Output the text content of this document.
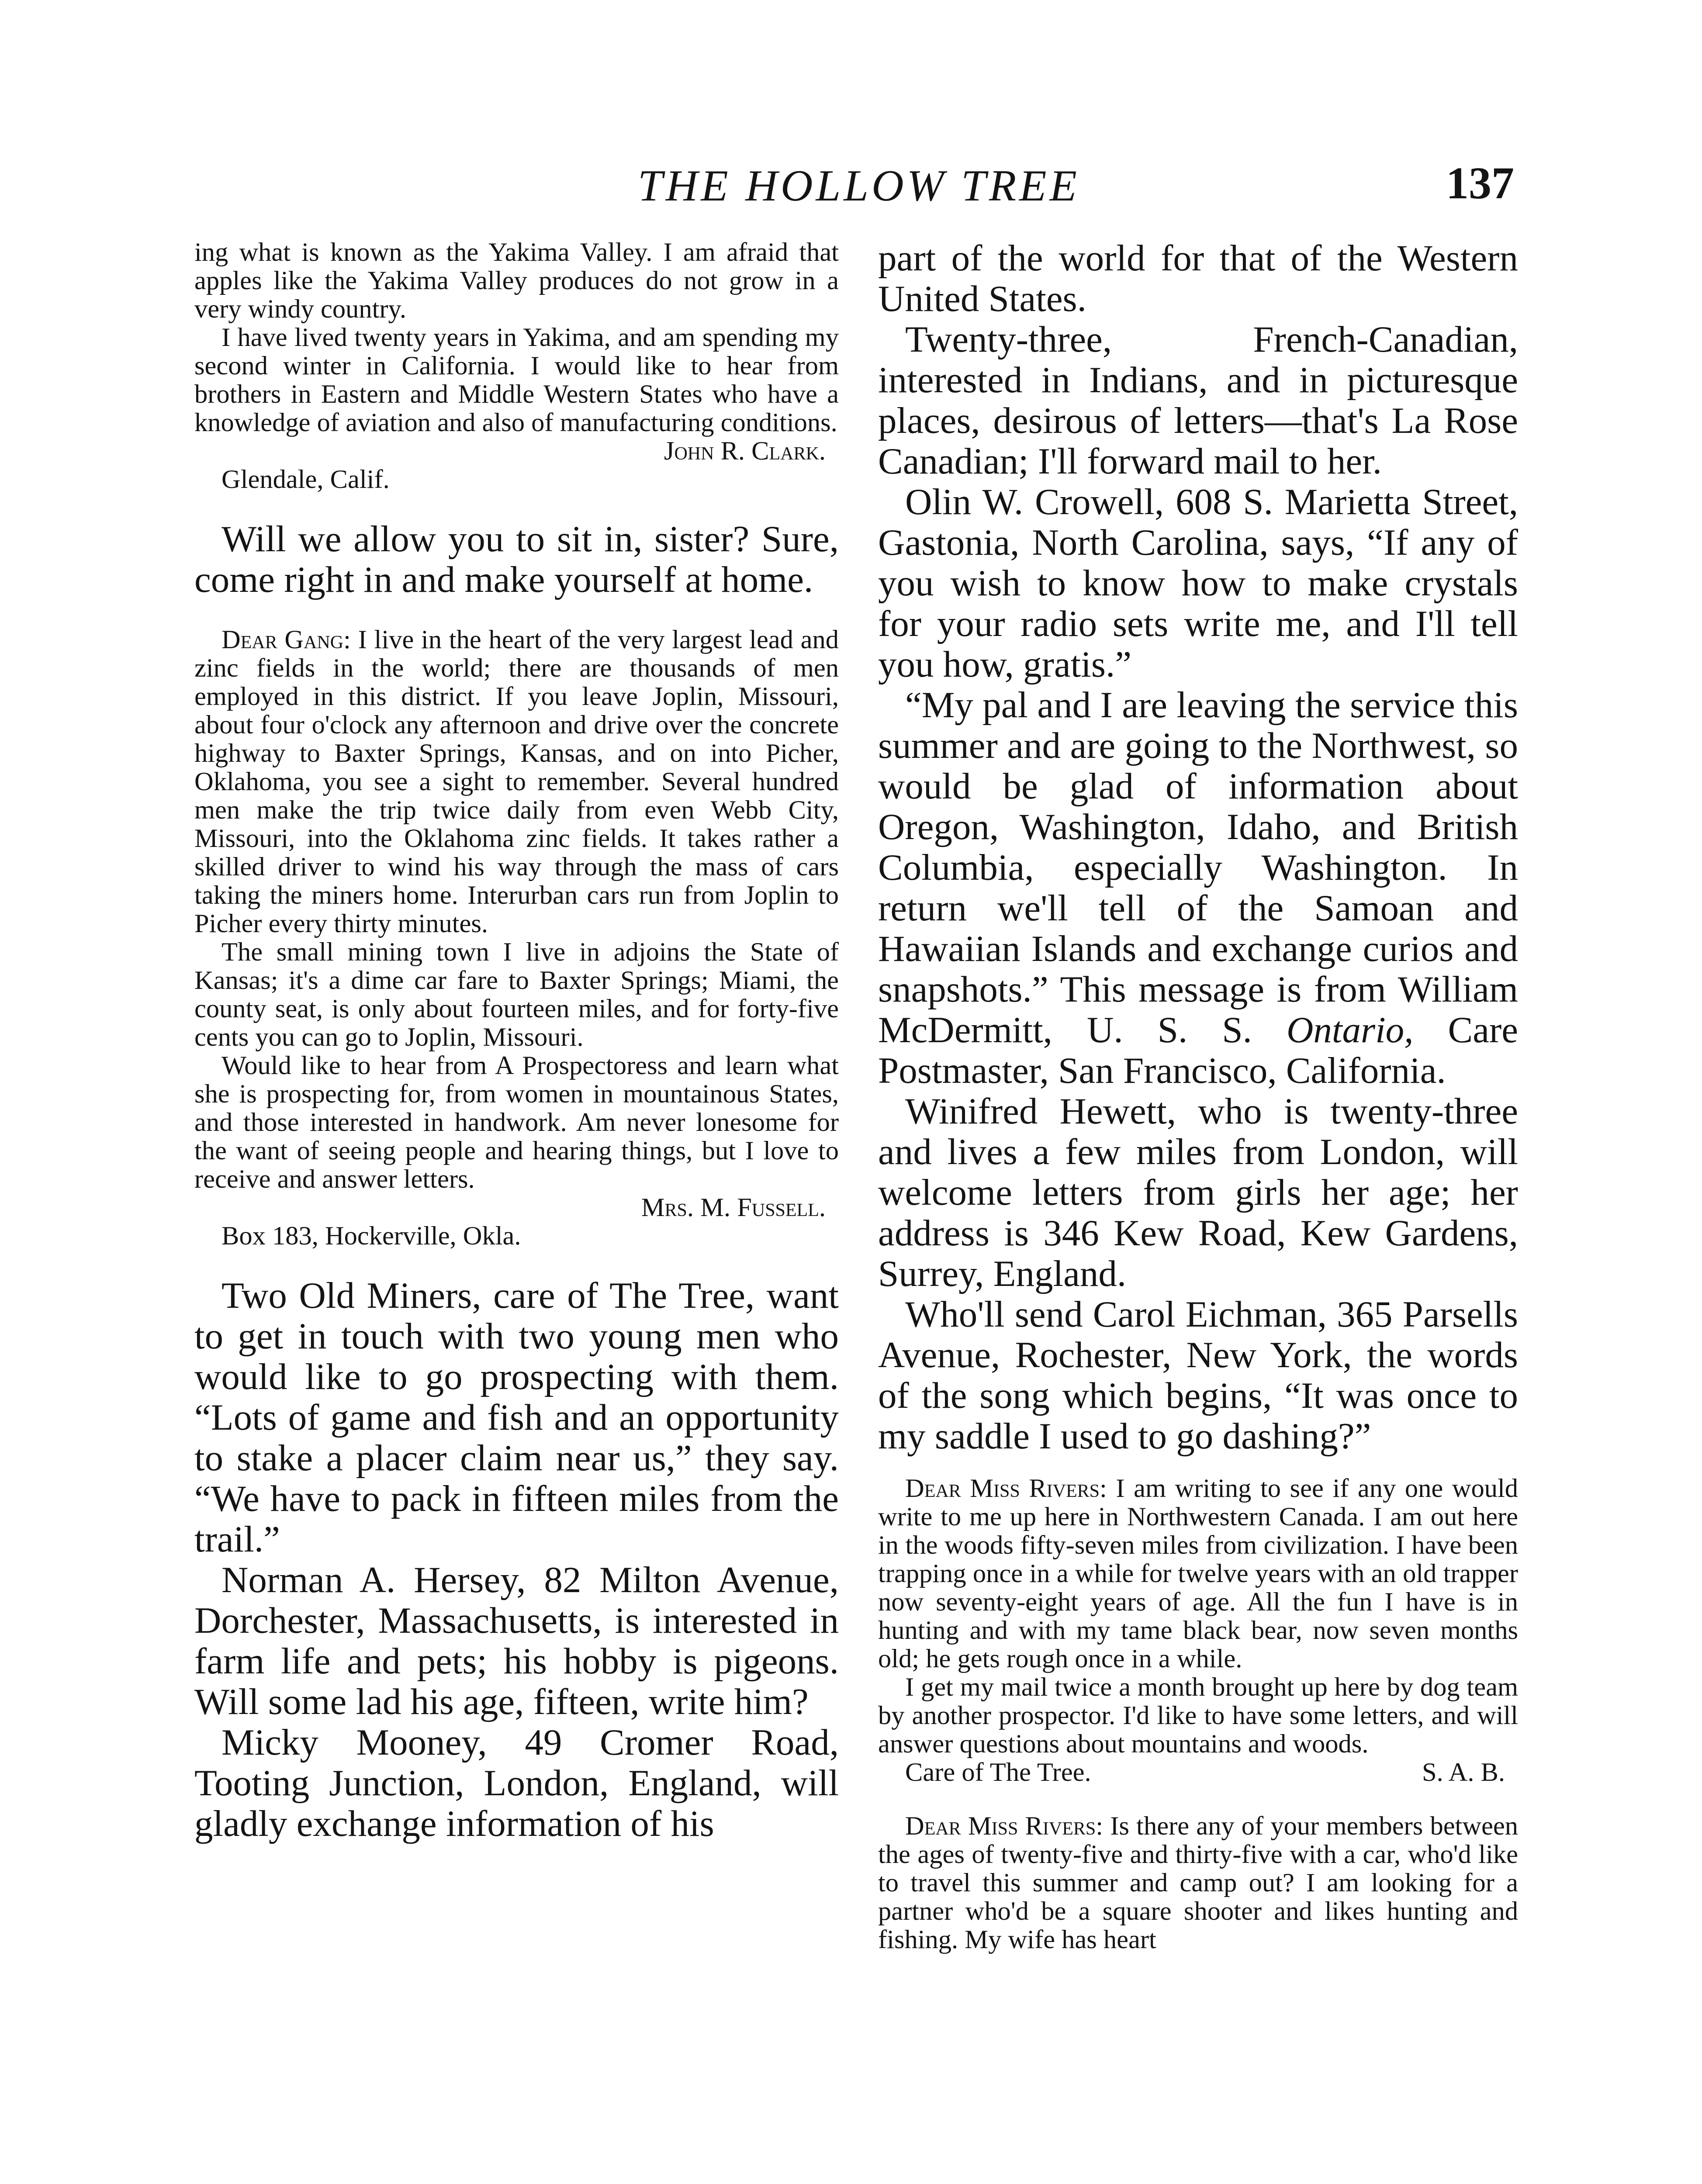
THE HOLLOW TREE	137

ing what is known as the Yakima Valley. I am afraid that apples like the Yakima Valley produces do not grow in a very windy country.

I have lived twenty years in Yakima, and am spending my second winter in California. I would like to hear from brothers in Eastern and Middle Western States who have a knowledge of aviation and also of manufacturing conditions.

John R. Clark.
Glendale, Calif.

Will we allow you to sit in, sister? Sure, come right in and make yourself at home.

Dear Gang: I live in the heart of the very largest lead and zinc fields in the world; there are thousands of men employed in this district. If you leave Joplin, Missouri, about four o'clock any afternoon and drive over the concrete highway to Baxter Springs, Kansas, and on into Picher, Oklahoma, you see a sight to remember. Several hundred men make the trip twice daily from even Webb City, Missouri, into the Oklahoma zinc fields. It takes rather a skilled driver to wind his way through the mass of cars taking the miners home. Interurban cars run from Joplin to Picher every thirty minutes.

The small mining town I live in adjoins the State of Kansas; it's a dime car fare to Baxter Springs; Miami, the county seat, is only about fourteen miles, and for forty-five cents you can go to Joplin, Missouri.

Would like to hear from A Prospectoress and learn what she is prospecting for, from women in mountainous States, and those interested in handwork. Am never lonesome for the want of seeing people and hearing things, but I love to receive and answer letters.

Mrs. M. Fussell.
Box 183, Hockerville, Okla.

Two Old Miners, care of The Tree, want to get in touch with two young men who would like to go prospecting with them. “Lots of game and fish and an opportunity to stake a placer claim near us,” they say. “We have to pack in fifteen miles from the trail.”

Norman A. Hersey, 82 Milton Avenue, Dorchester, Massachusetts, is interested in farm life and pets; his hobby is pigeons. Will some lad his age, fifteen, write him?

Micky Mooney, 49 Cromer Road, Tooting Junction, London, England, will gladly exchange information of his

part of the world for that of the Western United States.

Twenty-three, French-Canadian, interested in Indians, and in picturesque places, desirous of letters—that's La Rose Canadian; I'll forward mail to her.

Olin W. Crowell, 608 S. Marietta Street, Gastonia, North Carolina, says, “If any of you wish to know how to make crystals for your radio sets write me, and I'll tell you how, gratis.”

“My pal and I are leaving the service this summer and are going to the Northwest, so would be glad of information about Oregon, Washington, Idaho, and British Columbia, especially Washington. In return we'll tell of the Samoan and Hawaiian Islands and exchange curios and snapshots.” This message is from William McDermitt, U. S. S. Ontario, Care Postmaster, San Francisco, California.

Winifred Hewett, who is twenty-three and lives a few miles from London, will welcome letters from girls her age; her address is 346 Kew Road, Kew Gardens, Surrey, England.

Who'll send Carol Eichman, 365 Parsells Avenue, Rochester, New York, the words of the song which begins, “It was once to my saddle I used to go dashing?”

Dear Miss Rivers: I am writing to see if any one would write to me up here in Northwestern Canada. I am out here in the woods fifty-seven miles from civilization. I have been trapping once in a while for twelve years with an old trapper now seventy-eight years of age. All the fun I have is in hunting and with my tame black bear, now seven months old; he gets rough once in a while.

I get my mail twice a month brought up here by dog team by another prospector. I'd like to have some letters, and will answer questions about mountains and woods.

Care of The Tree.	S. A. B.

Dear Miss Rivers: Is there any of your members between the ages of twenty-five and thirty-five with a car, who'd like to travel this summer and camp out? I am looking for a partner who'd be a square shooter and likes hunting and fishing. My wife has heart
